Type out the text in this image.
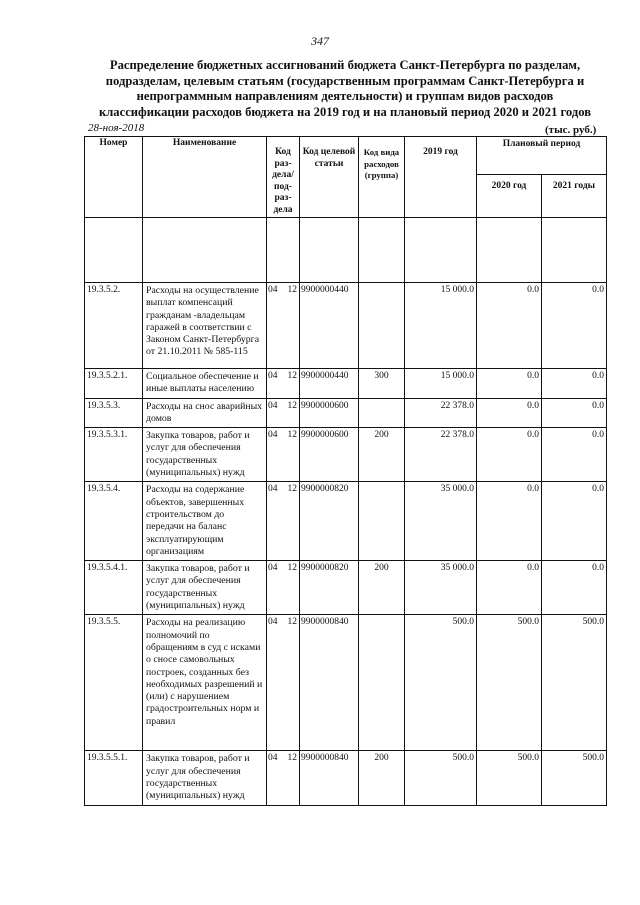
347
Распределение бюджетных ассигнований бюджета Санкт-Петербурга по разделам, подразделам, целевым статьям (государственным программам Санкт-Петербурга и непрограммным направлениям деятельности) и группам видов расходов классификации расходов бюджета на 2019 год и на плановый период 2020 и 2021 годов
28-ноя-2018	(тыс. руб.)
Номер	Наименование	Код раз-дела/ под-раз-дела	Код целевой статьи	Код вида расходов (группа)	2019 год	Плановый период	
						2020 год	2021 годы

19.3.5.2.	Расходы на осуществление выплат компенсаций гражданам -владельцам гаражей в соответствии с Законом Санкт-Петербурга от 21.10.2011 № 585-115	04 12	9900000440		15 000.0	0.0	0.0
19.3.5.2.1.	Социальное обеспечение и иные выплаты населению	04 12	9900000440	300	15 000.0	0.0	0.0
19.3.5.3.	Расходы на снос аварийных домов	04 12	9900000600		22 378.0	0.0	0.0
19.3.5.3.1.	Закупка товаров, работ и услуг для обеспечения государственных (муниципальных) нужд	04 12	9900000600	200	22 378.0	0.0	0.0
19.3.5.4.	Расходы на содержание объектов, завершенных строительством до передачи на баланс эксплуатирующим организациям	04 12	9900000820		35 000.0	0.0	0.0
19.3.5.4.1.	Закупка товаров, работ и услуг для обеспечения государственных (муниципальных) нужд	04 12	9900000820	200	35 000.0	0.0	0.0
19.3.5.5.	Расходы на реализацию полномочий по обращениям в суд с исками о сносе самовольных построек, созданных без необходимых разрешений и (или) с нарушением градостроительных норм и правил	04 12	9900000840		500.0	500.0	500.0
19.3.5.5.1.	Закупка товаров, работ и услуг для обеспечения государственных (муниципальных) нужд	04 12	9900000840	200	500.0	500.0	500.0
